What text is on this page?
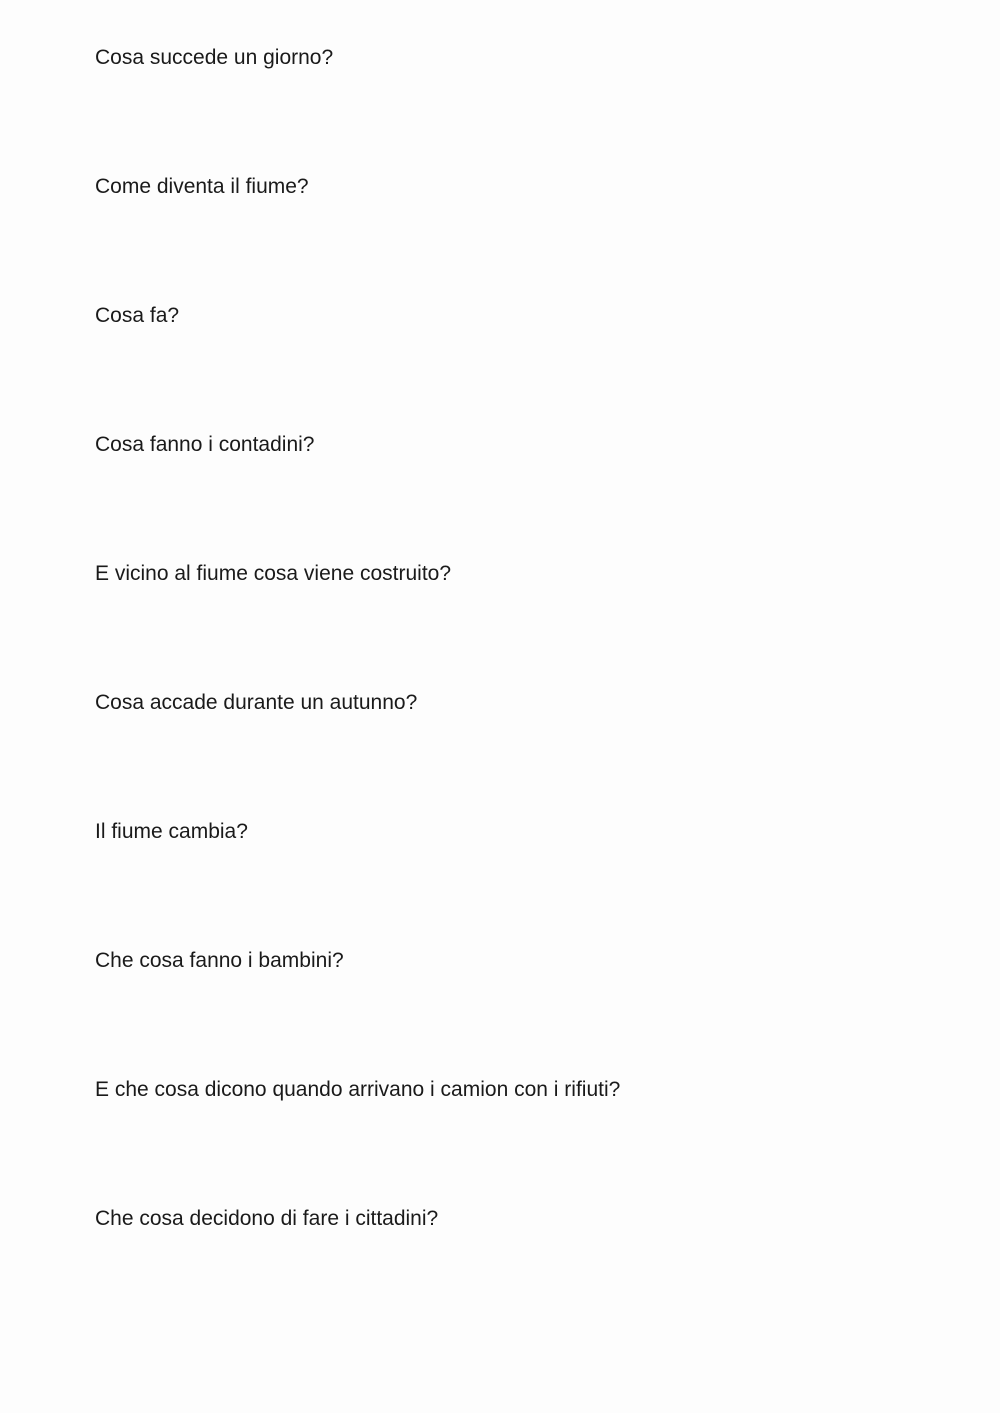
Cosa succede un giorno?

Come diventa il fiume?

Cosa fa?

Cosa fanno i contadini?

E vicino al fiume cosa viene costruito?

Cosa accade durante un autunno?

Il fiume cambia?

Che cosa fanno i bambini?

E che cosa dicono quando arrivano i camion con i rifiuti?

Che cosa decidono di fare i cittadini?
